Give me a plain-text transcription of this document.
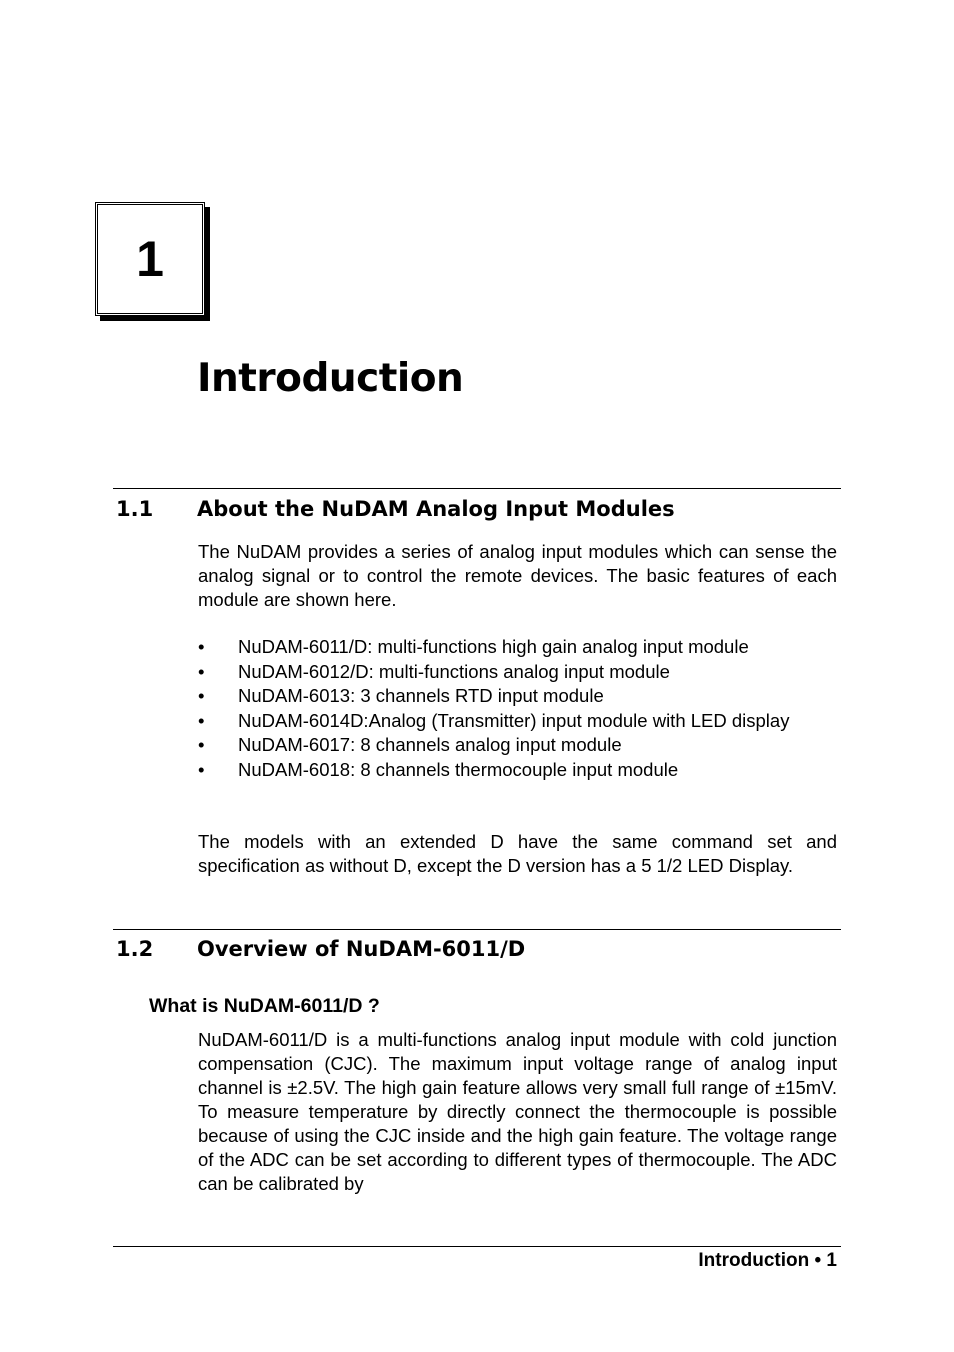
1
Introduction
1.1 About the NuDAM Analog Input Modules

The NuDAM provides a series of analog input modules which can sense the analog signal or to control the remote devices. The basic features of each module are shown here.

• NuDAM-6011/D: multi-functions high gain analog input module
• NuDAM-6012/D: multi-functions analog input module
• NuDAM-6013: 3 channels RTD input module
• NuDAM-6014D:Analog (Transmitter) input module with LED display
• NuDAM-6017: 8 channels analog input module
• NuDAM-6018: 8 channels thermocouple input module

The models with an extended D have the same command set and specification as without D, except the D version has a 5 1/2 LED Display.

1.2 Overview of NuDAM-6011/D
What is NuDAM-6011/D ?

NuDAM-6011/D is a multi-functions analog input module with cold junction compensation (CJC). The maximum input voltage range of analog input channel is ±2.5V. The high gain feature allows very small full range of ±15mV. To measure temperature by directly connect the thermocouple is possible because of using the CJC inside and the high gain feature. The voltage range of the ADC can be set according to different types of thermocouple. The ADC can be calibrated by

Introduction • 1
